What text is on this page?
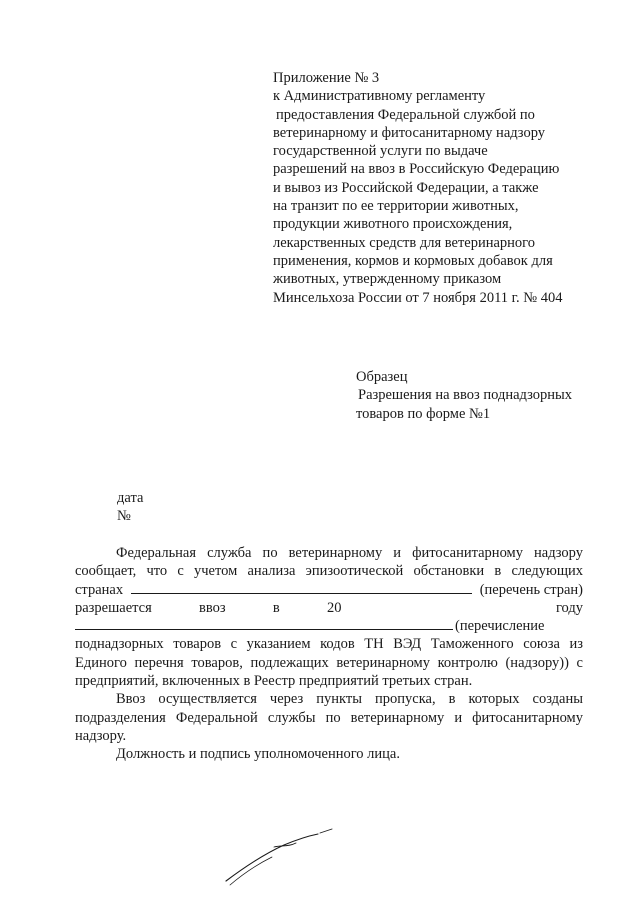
Приложение № 3
к Административному регламенту
предоставления Федеральной службой по
ветеринарному и фитосанитарному надзору
государственной услуги по выдаче
разрешений на ввоз в Российскую Федерацию
и вывоз из Российской Федерации, а также
на транзит по ее территории животных,
продукции животного происхождения,
лекарственных средств для ветеринарного
применения, кормов и кормовых добавок для
животных, утвержденному приказом
Минсельхоза России от 7 ноября 2011 г. № 404
Образец
Разрешения на ввоз поднадзорных
товаров по форме №1
дата
№
Федеральная служба по ветеринарному и фитосанитарному надзору
сообщает, что с учетом анализа эпизоотической обстановки в следующих
странах	(перечень стран)
разрешается	ввоз	в	20	году
(перечисление
поднадзорных товаров с указанием кодов ТН ВЭД Таможенного союза из
Единого перечня товаров, подлежащих ветеринарному контролю (надзору)) с
предприятий, включенных в Реестр предприятий третьих стран.
Ввоз осуществляется через пункты пропуска, в которых созданы
подразделения Федеральной службы по ветеринарному и фитосанитарному
надзору.
Должность и подпись уполномоченного лица.
